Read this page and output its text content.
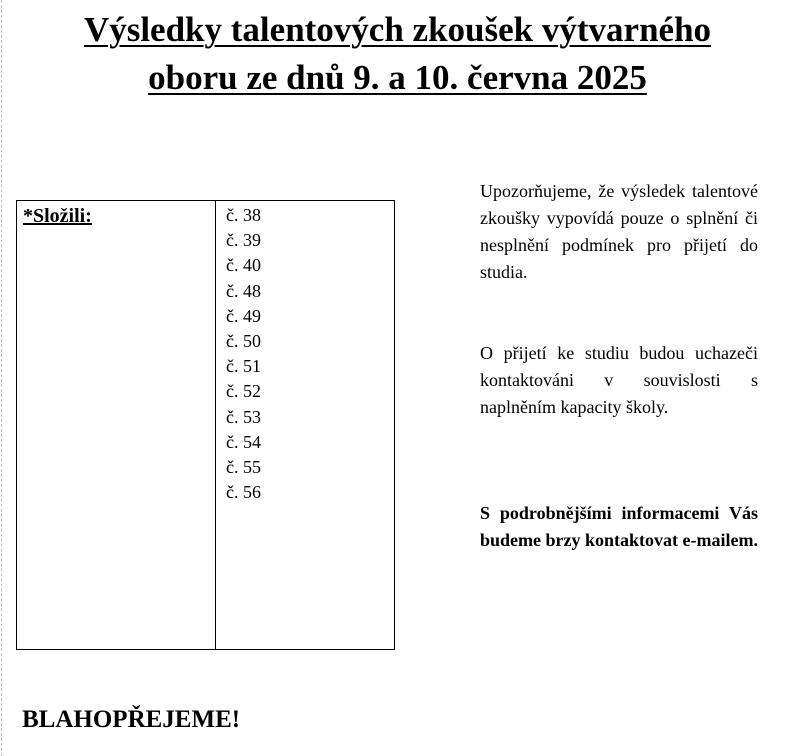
Výsledky talentových zkoušek výtvarného
oboru ze dnů 9. a 10. června 2025
*Složili:	č. 38
č. 39
č. 40
č. 48
č. 49
č. 50
č. 51
č. 52
č. 53
č. 54
č. 55
č. 56

Upozorňujeme, že výsledek talentové zkoušky vypovídá pouze o splnění či nesplnění podmínek pro přijetí do studia.

O přijetí ke studiu budou uchazeči kontaktováni v souvislosti s naplněním kapacity školy.

S podrobnějšími informacemi Vás budeme brzy kontaktovat e-mailem.

BLAHOPŘEJEME!
